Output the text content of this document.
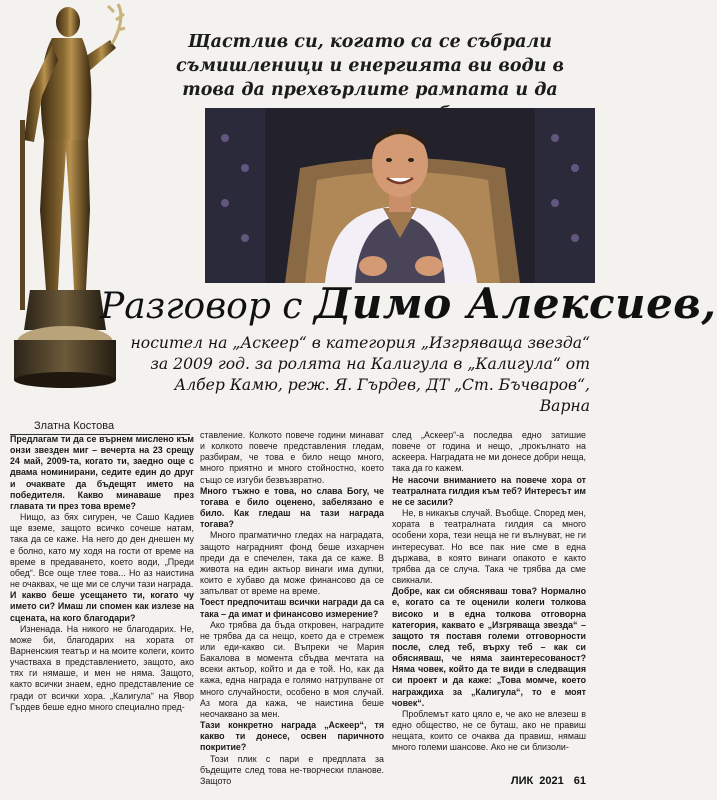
Щастлив си, когато са се събрали съмишленици и енергията ви води в това да прехвърлите рампата и да

Разговор с Димо Алексиев,

носител на „Аскеер“ в категория „Изгряваща звезда“ за 2009 год. за ролята на Калигула в „Калигула“ от Албер Камю, реж. Я. Гърдев, ДТ „Ст. Бъчваров“, Варна

Златна Костова

Предлагам ти да се върнем мислено към онзи звезден миг – вечерта на 23 срещу 24 май, 2009-та, когато ти, заедно още с двама номинирани, седите един до друг и очаквате да бъдещят името на победителя. Какво минаваше през главата ти през това време?

Нищо, аз бях сигурен, че Сашо Кадиев ще вземе, защото всичко сочеше натам, така да се каже. На него до ден днешен му е болно, като му ходя на гости от време на време в предаването, което води, „Преди обед“. Все още тлее това... Но аз наистина не очаквах, че ще ми се случи тази награда.

И какво беше усещането ти, когато чу името си? Имаш ли спомен как излезе на сцената, на кого благодари?

Изненада. На никого не благодарих. Не, може би, благодарих на хората от Варненския театър и на моите колеги, които участваха в представлението, защото, ако тях ги нямаше, и мен не няма. Защото, както всички знаем, едно представление се гради от всички хора. „Калигула“ на Явор Гърдев беше едно много специално пред-

ставление. Колкото повече години минават и колкото повече представления гледам, разбирам, че това е било нещо много, много приятно и много стойностно, което също се изгуби безвъзвратно.

Много тъжно е това, но слава Богу, че тогава е било оценено, забелязано е било. Как гледаш на тази награда тогава?

Много прагматично гледах на наградата, защото наградният фонд беше изхарчен преди да е спечелен, така да се каже. В живота на един актьор винаги има дупки, които е хубаво да може финансово да се запълват от време на време.

Тоест предпочиташ всички награди да са така – да имат и финансово измерение?

Ако трябва да бъда откровен, наградите не трябва да са нещо, което да е стремеж или еди-какво си. Въпреки че Мария Бакалова в момента сбъдва мечтата на всеки актьор, който и да е той. Но, как да кажа, една награда е голямо натрупване от много случайности, особено в моя случай. Аз мога да кажа, че наистина беше неочаквано за мен.

Тази конкретно награда „Аскеер“, тя какво ти донесе, освен паричното покритие?

Този плик с пари е предплата за бъдещите след това не-творчески планове. Защото

след „Аскеер“-а последва едно затишие повече от година и нещо, „прокълнато на аскеера. Наградата не ми донесе добри неща, така да го кажем.

Не насочи вниманието на повече хора от театралната гилдия към теб? Интересът им не се засили?

Не, в никакъв случай. Въобще. Според мен, хората в театралната гилдия са много особени хора, тези неща не ги вълнуват, не ги интересуват. Но все пак ние сме в една държава, в която винаги опакото е както трябва да се случа. Така че трябва да сме свикнали.

Добре, как си обясняваш това? Нормално е, когато са те оценили колеги толкова високо и в една толкова отговорна категория, каквато е „Изгряваща звезда“ – защото тя поставя големи отговорности после, след теб, върху теб – как си обясняваш, че няма заинтересованост? Няма човек, който да те види в следващия си проект и да каже: „Това момче, което награждиха за „Калигула“, то е моят човек“.

Проблемът като цяло е, че ако не влезеш в едно общество, не се буташ, ако не правиш нещата, които се очаква да правиш, нямаш много големи шансове. Ако не си близоли-

ЛИК 2021 61
